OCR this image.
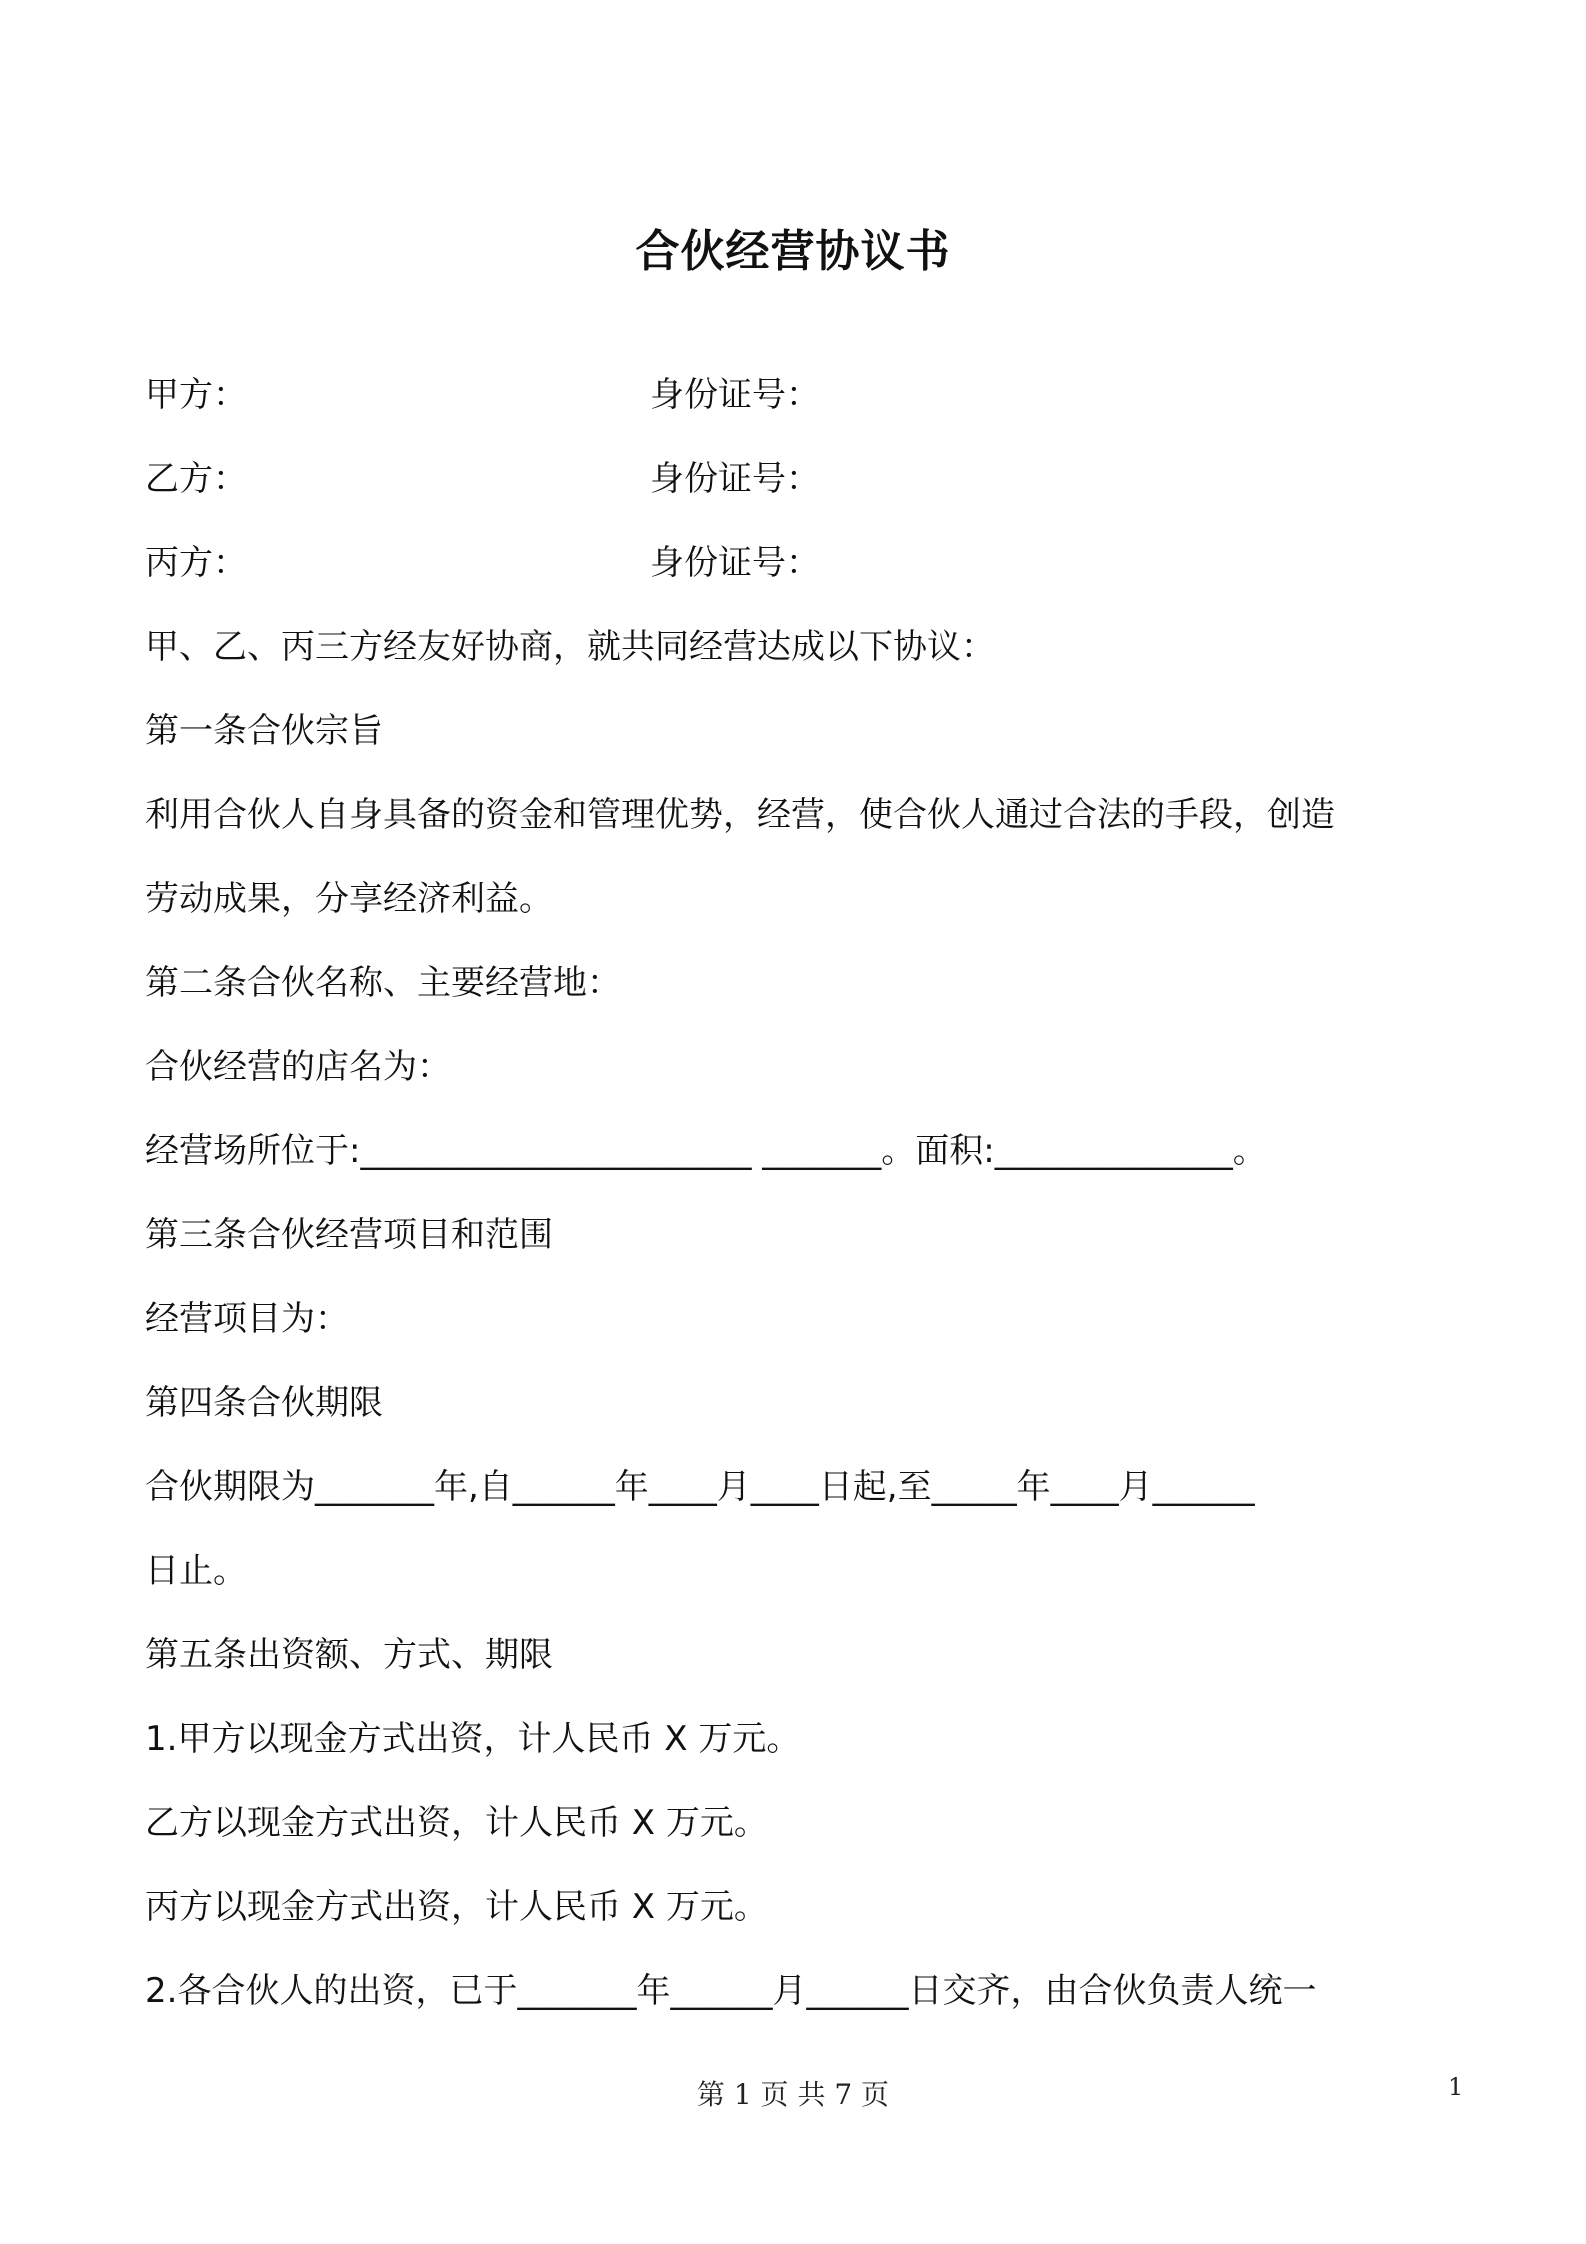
合伙经营协议书
甲方：	身份证号：
乙方：	身份证号：
丙方：	身份证号：
甲、乙、丙三方经友好协商，就共同经营达成以下协议：
第一条合伙宗旨
利用合伙人自身具备的资金和管理优势，经营，使合伙人通过合法的手段，创造
劳动成果，分享经济利益。
第二条合伙名称、主要经营地：
合伙经营的店名为：
经营场所位于:_______________________ _______。面积:______________。
第三条合伙经营项目和范围
经营项目为：
第四条合伙期限
合伙期限为_______年,自______年____月____日起,至_____年____月______
日止。
第五条出资额、方式、期限
1.甲方以现金方式出资，计人民币 X 万元。
乙方以现金方式出资，计人民币 X 万元。
丙方以现金方式出资，计人民币 X 万元。
2.各合伙人的出资，已于_______年______月______日交齐，由合伙负责人统一
第 1 页 共 7 页	1
